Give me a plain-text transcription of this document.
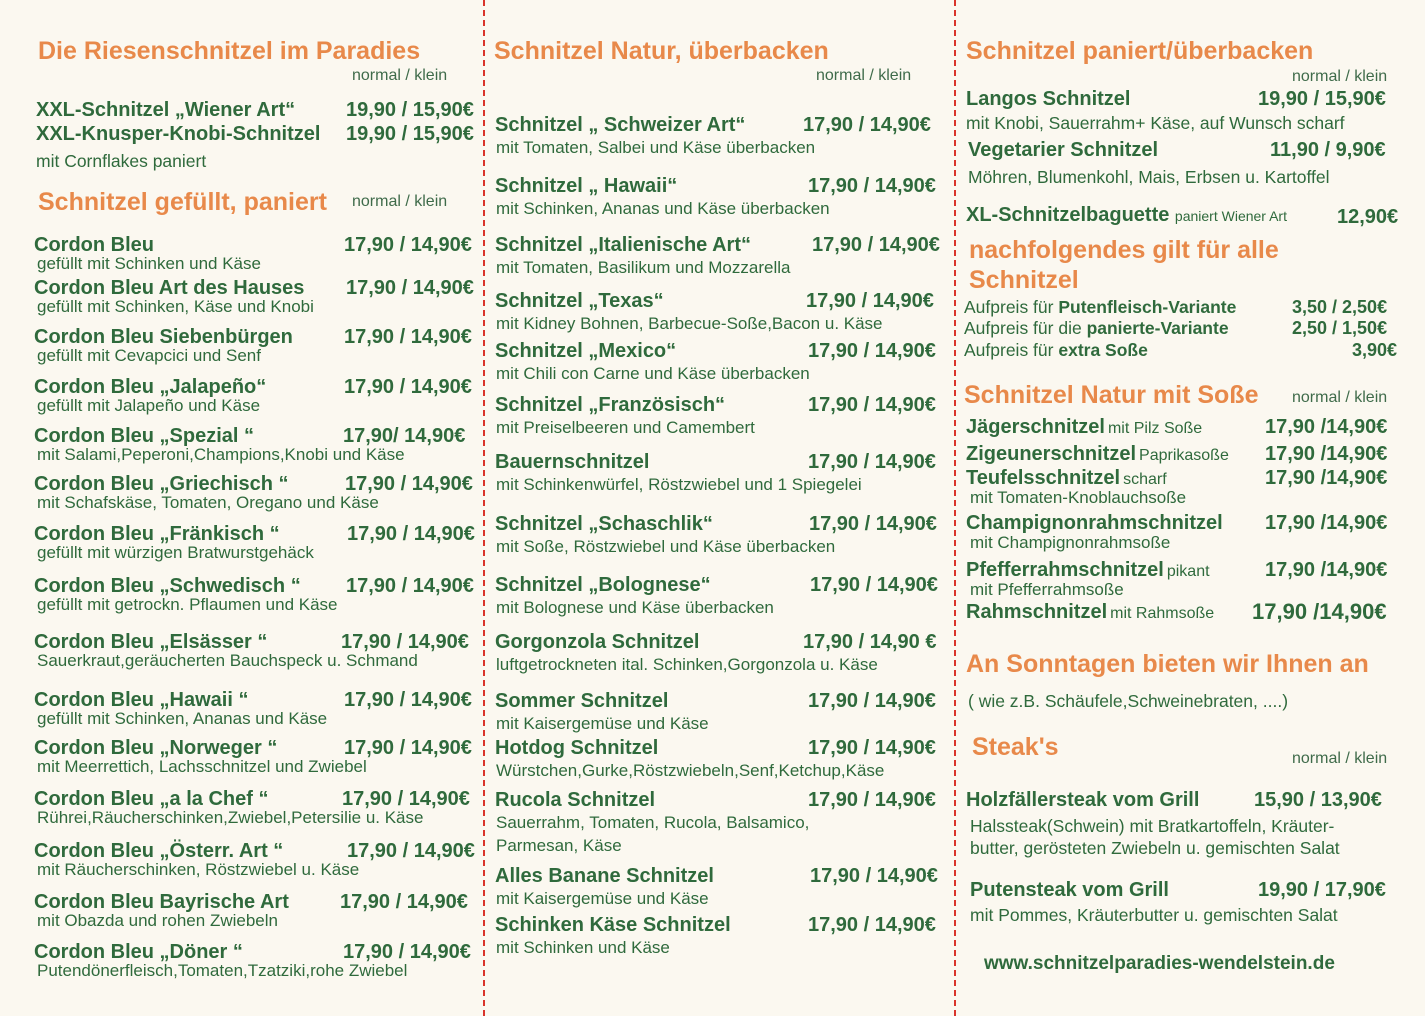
Die Riesenschnitzel im Paradies
normal / klein
XXL-Schnitzel „Wiener Art“	19,90 / 15,90€
XXL-Knusper-Knobi-Schnitzel 19,90 / 15,90€
mit Cornflakes paniert
Schnitzel gefüllt, paniert normal / klein
Cordon Bleu	17,90 / 14,90€
gefüllt mit Schinken und Käse
Cordon Bleu Art des Hauses 17,90 / 14,90€
gefüllt mit Schinken, Käse und Knobi
Cordon Bleu Siebenbürgen	17,90 / 14,90€
gefüllt mit Cevapcici und Senf
Cordon Bleu „Jalapeño“	17,90 / 14,90€
gefüllt mit Jalapeño und Käse
Cordon Bleu „Spezial “	17,90/ 14,90€
mit Salami,Peperoni,Champions,Knobi und Käse
Cordon Bleu „Griechisch “	17,90 / 14,90€
mit Schafskäse, Tomaten, Oregano und Käse
Cordon Bleu „Fränkisch “	17,90 / 14,90€
gefüllt mit würzigen Bratwurstgehäck
Cordon Bleu „Schwedisch “ 17,90 / 14,90€
gefüllt mit getrockn. Pflaumen und Käse
Cordon Bleu „Elsässer “	17,90 / 14,90€
Sauerkraut,geräucherten Bauchspeck u. Schmand
Cordon Bleu „Hawaii “	17,90 / 14,90€
gefüllt mit Schinken, Ananas und Käse
Cordon Bleu „Norweger “	17,90 / 14,90€
mit Meerrettich, Lachsschnitzel und Zwiebel
Cordon Bleu „a la Chef “	17,90 / 14,90€
Rührei,Räucherschinken,Zwiebel,Petersilie u. Käse
Cordon Bleu „Österr. Art “	17,90 / 14,90€
mit Räucherschinken, Röstzwiebel u. Käse
Cordon Bleu Bayrische Art	17,90 / 14,90€
mit Obazda und rohen Zwiebeln
Cordon Bleu „Döner “	17,90 / 14,90€
Putendönerfleisch,Tomaten,Tzatziki,rohe Zwiebel
Schnitzel Natur, überbacken
normal / klein
Schnitzel „ Schweizer Art“	17,90 / 14,90€
mit Tomaten, Salbei und Käse überbacken
Schnitzel „ Hawaii“	17,90 / 14,90€
mit Schinken, Ananas und Käse überbacken
Schnitzel „Italienische Art“	17,90 / 14,90€
mit Tomaten, Basilikum und Mozzarella
Schnitzel „Texas“	17,90 / 14,90€
mit Kidney Bohnen, Barbecue-Soße,Bacon u. Käse
Schnitzel „Mexico“	17,90 / 14,90€
mit Chili con Carne und Käse überbacken
Schnitzel „Französisch“	17,90 / 14,90€
mit Preiselbeeren und Camembert
Bauernschnitzel	17,90 / 14,90€
mit Schinkenwürfel, Röstzwiebel und 1 Spiegelei
Schnitzel „Schaschlik“	17,90 / 14,90€
mit Soße, Röstzwiebel und Käse überbacken
Schnitzel „Bolognese“	17,90 / 14,90€
mit Bolognese und Käse überbacken
Gorgonzola Schnitzel	17,90 / 14,90 €
luftgetrockneten ital. Schinken,Gorgonzola u. Käse
Sommer Schnitzel	17,90 / 14,90€
mit Kaisergemüse und Käse
Hotdog Schnitzel	17,90 / 14,90€
Würstchen,Gurke,Röstzwiebeln,Senf,Ketchup,Käse
Rucola Schnitzel	17,90 / 14,90€
Sauerrahm, Tomaten, Rucola, Balsamico,
Parmesan, Käse
Alles Banane Schnitzel	17,90 / 14,90€
mit Kaisergemüse und Käse
Schinken Käse Schnitzel	17,90 / 14,90€
mit Schinken und Käse
Schnitzel paniert/überbacken
normal / klein
Langos Schnitzel	19,90 / 15,90€
mit Knobi, Sauerrahm+ Käse, auf Wunsch scharf
Vegetarier Schnitzel	11,90 / 9,90€
Möhren, Blumenkohl, Mais, Erbsen u. Kartoffel
XL-Schnitzelbaguette paniert Wiener Art	12,90€
nachfolgendes gilt für alle
Schnitzel
Aufpreis für Putenfleisch-Variante	3,50 / 2,50€
Aufpreis für die panierte-Variante	2,50 / 1,50€
Aufpreis für extra Soße	3,90€
Schnitzel Natur mit Soße normal / klein
Jägerschnitzel mit Pilz Soße	17,90 /14,90€
Zigeunerschnitzel Paprikasoße 17,90 /14,90€
Teufelsschnitzel scharf	17,90 /14,90€
mit Tomaten-Knoblauchsoße
Champignonrahmschnitzel 17,90 /14,90€
mit Champignonrahmsoße
Pfefferrahmschnitzel pikant	17,90 /14,90€
mit Pfefferrahmsoße
Rahmschnitzel mit Rahmsoße 17,90 /14,90€
An Sonntagen bieten wir Ihnen an
( wie z.B. Schäufele,Schweinebraten, ....)
Steak's	normal / klein
Holzfällersteak vom Grill	15,90 / 13,90€
Halssteak(Schwein) mit Bratkartoffeln, Kräuter-
butter, gerösteten Zwiebeln u. gemischten Salat
Putensteak vom Grill	19,90 / 17,90€
mit Pommes, Kräuterbutter u. gemischten Salat
www.schnitzelparadies-wendelstein.de
